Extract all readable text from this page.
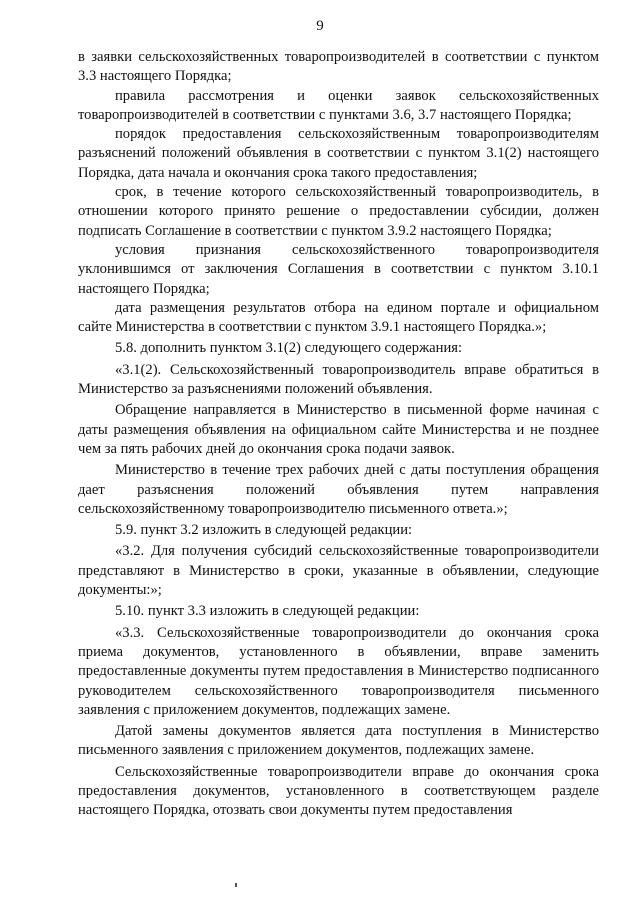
9

в заявки сельскохозяйственных товаропроизводителей в соответствии с пунктом 3.3 настоящего Порядка;

правила рассмотрения и оценки заявок сельскохозяйственных товаропроизводителей в соответствии с пунктами 3.6, 3.7 настоящего Порядка;

порядок предоставления сельскохозяйственным товаропроизводителям разъяснений положений объявления в соответствии с пунктом 3.1(2) настоящего Порядка, дата начала и окончания срока такого предоставления;

срок, в течение которого сельскохозяйственный товаропроизводитель, в отношении которого принято решение о предоставлении субсидии, должен подписать Соглашение в соответствии с пунктом 3.9.2 настоящего Порядка;

условия признания сельскохозяйственного товаропроизводителя уклонившимся от заключения Соглашения в соответствии с пунктом 3.10.1 настоящего Порядка;

дата размещения результатов отбора на едином портале и официальном сайте Министерства в соответствии с пунктом 3.9.1 настоящего Порядка.»;

5.8. дополнить пунктом 3.1(2) следующего содержания:

«3.1(2). Сельскохозяйственный товаропроизводитель вправе обратиться в Министерство за разъяснениями положений объявления.

Обращение направляется в Министерство в письменной форме начиная с даты размещения объявления на официальном сайте Министерства и не позднее чем за пять рабочих дней до окончания срока подачи заявок.

Министерство в течение трех рабочих дней с даты поступления обращения дает разъяснения положений объявления путем направления сельскохозяйственному товаропроизводителю письменного ответа.»;

5.9. пункт 3.2 изложить в следующей редакции:

«3.2. Для получения субсидий сельскохозяйственные товаропроизводители представляют в Министерство в сроки, указанные в объявлении, следующие документы:»;

5.10. пункт 3.3 изложить в следующей редакции:

«3.3. Сельскохозяйственные товаропроизводители до окончания срока приема документов, установленного в объявлении, вправе заменить предоставленные документы путем предоставления в Министерство подписанного руководителем сельскохозяйственного товаропроизводителя письменного заявления с приложением документов, подлежащих замене.

Датой замены документов является дата поступления в Министерство письменного заявления с приложением документов, подлежащих замене.

Сельскохозяйственные товаропроизводители вправе до окончания срока предоставления документов, установленного в соответствующем разделе настоящего Порядка, отозвать свои документы путем предоставления
